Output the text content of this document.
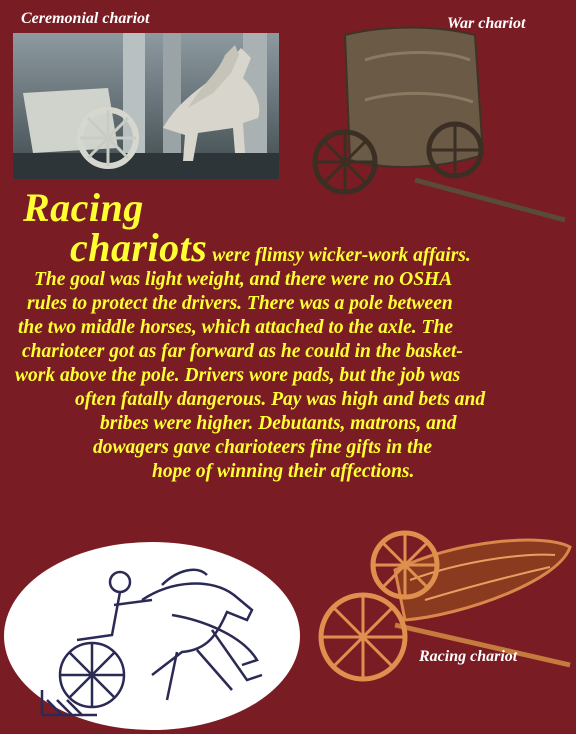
Ceremonial chariot	War chariot
Racing
chariots were flimsy wicker-work affairs.
The goal was light weight, and there were no OSHA
rules to protect the drivers. There was a pole between
the two middle horses, which attached to the axle. The
charioteer got as far forward as he could in the basket-
work above the pole. Drivers wore pads, but the job was
often fatally dangerous. Pay was high and bets and
bribes were higher. Debutants, matrons, and
dowagers gave charioteers fine gifts in the
hope of winning their affections.
Racing chariot
